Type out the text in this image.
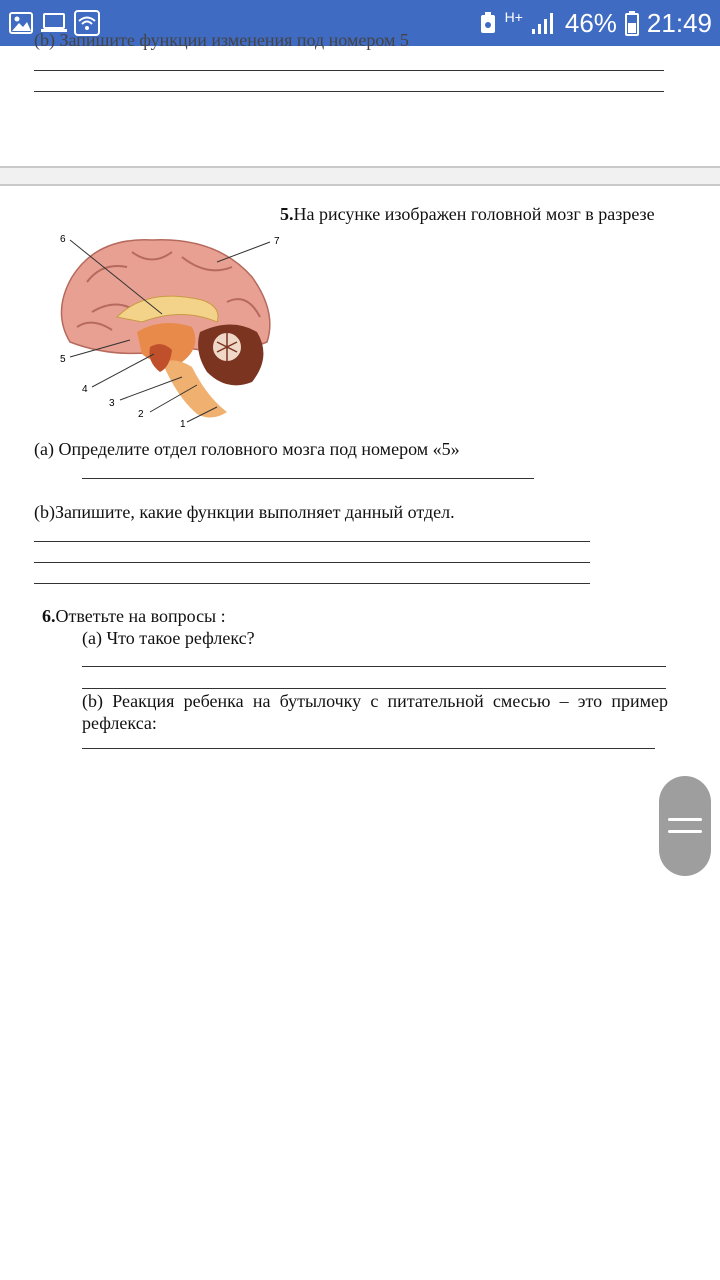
H+ 46% 21:49
(b) Запишите функции изменения под номером 5
5.На рисунке изображен головной мозг в разрезе
1
2
3
4
5
6	7
(a) Определите отдел головного мозга под номером «5»
(b)Запишите, какие функции выполняет данный отдел.
6.Ответьте на вопросы :
(a) Что такое рефлекс?
(b) Реакция ребенка на бутылочку с питательной смесью – это пример рефлекса:
